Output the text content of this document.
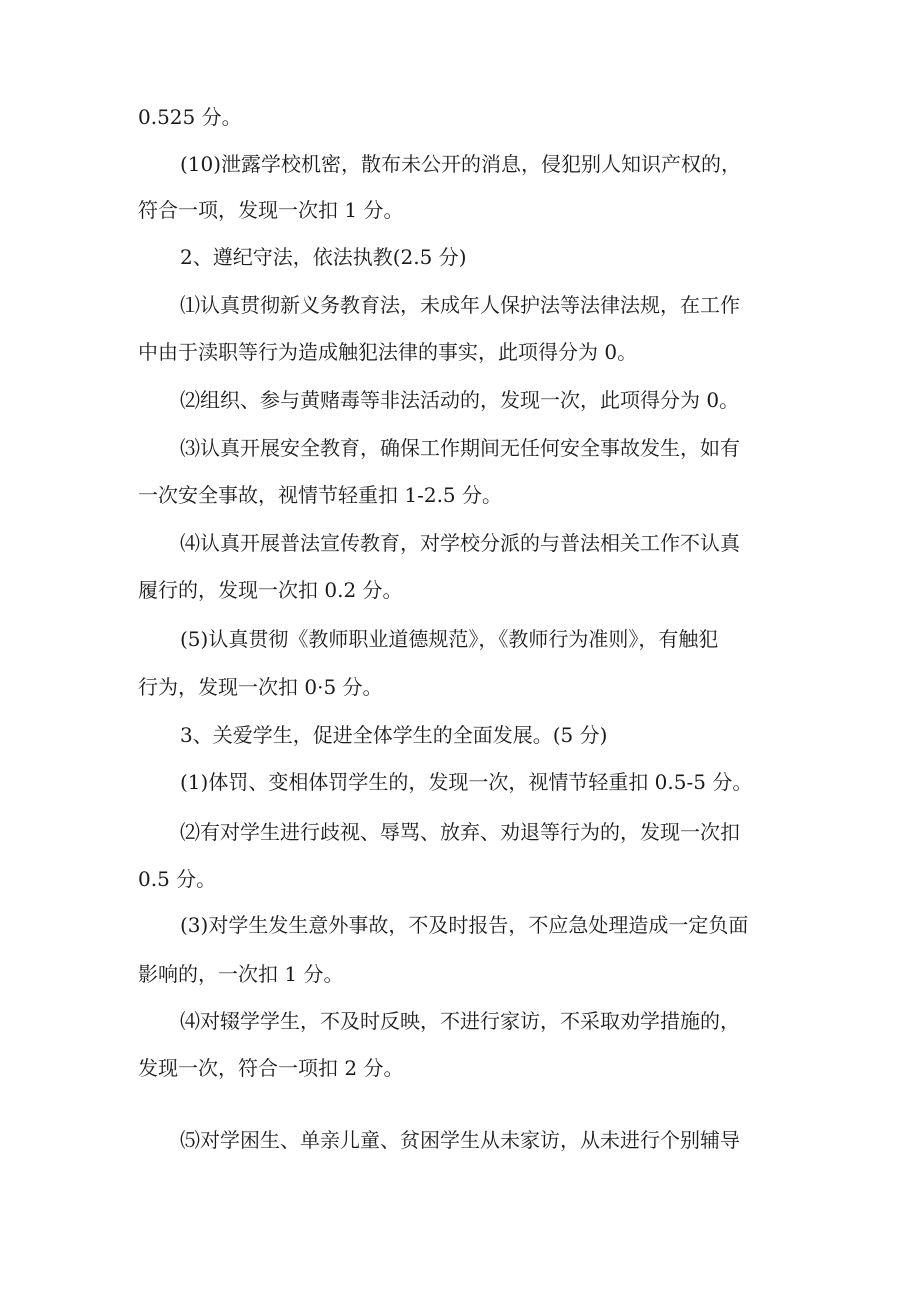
0.525 分。
(10)泄露学校机密，散布未公开的消息，侵犯别人知识产权的，
符合一项，发现一次扣 1 分。
2、遵纪守法，依法执教(2.5 分)
⑴认真贯彻新义务教育法，未成年人保护法等法律法规，在工作
中由于渎职等行为造成触犯法律的事实，此项得分为 0。
⑵组织、参与黄赌毒等非法活动的，发现一次，此项得分为 0。
⑶认真开展安全教育，确保工作期间无任何安全事故发生，如有
一次安全事故，视情节轻重扣 1-2.5 分。
⑷认真开展普法宣传教育，对学校分派的与普法相关工作不认真
履行的，发现一次扣 0.2 分。
(5)认真贯彻《教师职业道德规范》，《教师行为准则》，有触犯
行为，发现一次扣 0·5 分。
3、关爱学生，促进全体学生的全面发展。(5 分)
(1)体罚、变相体罚学生的，发现一次，视情节轻重扣 0.5-5 分。
⑵有对学生进行歧视、辱骂、放弃、劝退等行为的，发现一次扣
0.5 分。
(3)对学生发生意外事故，不及时报告，不应急处理造成一定负面
影响的，一次扣 1 分。
⑷对辍学学生，不及时反映，不进行家访，不采取劝学措施的，
发现一次，符合一项扣 2 分。
⑸对学困生、单亲儿童、贫困学生从未家访，从未进行个别辅导
